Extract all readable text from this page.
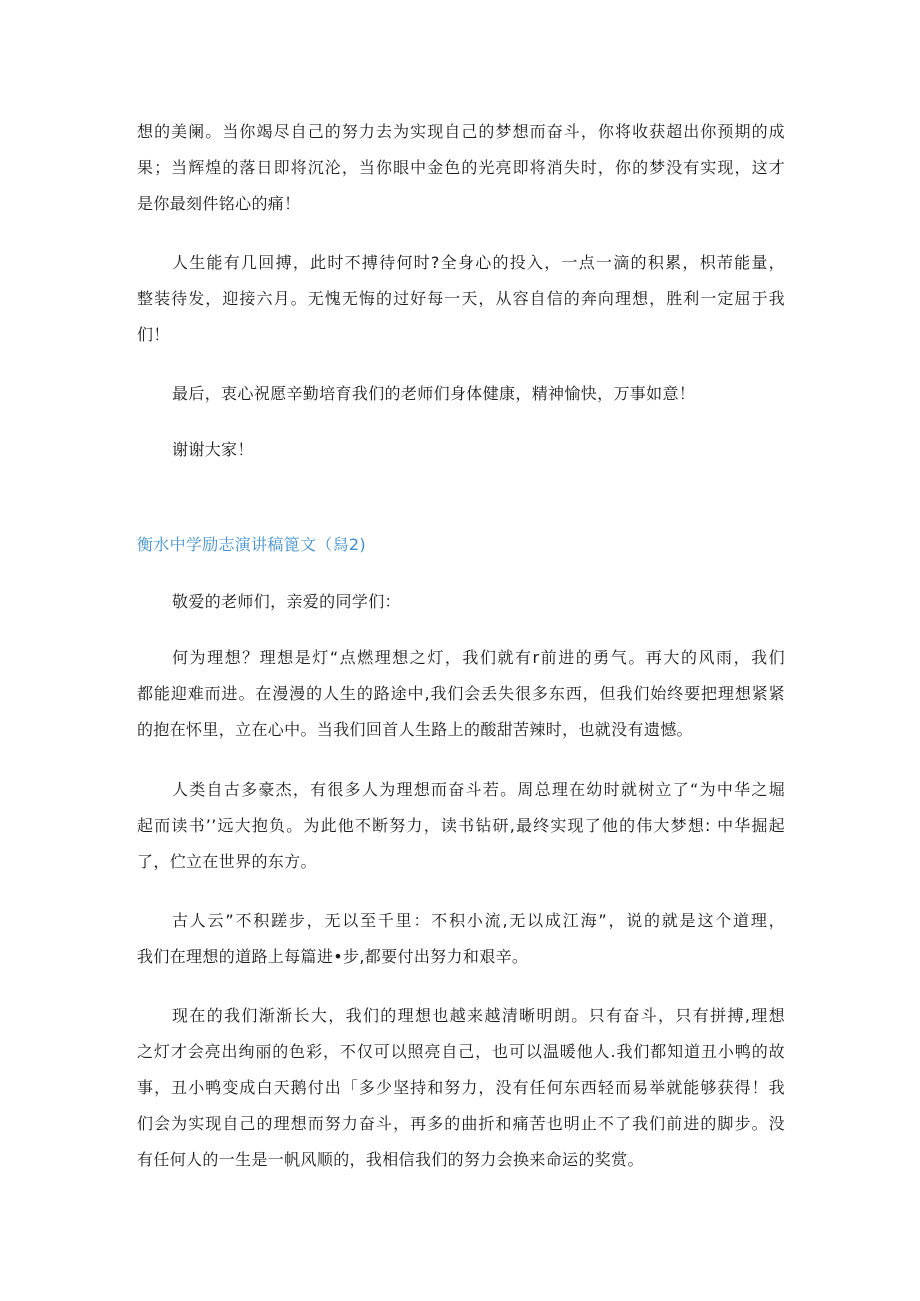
想的美阑。当你竭尽自己的努力去为实现自己的梦想而奋斗，你将收获超出你预期的成
果；当辉煌的落日即将沉沦，当你眼中金色的光亮即将消失时，你的梦没有实现，这才
是你最刻件铭心的痛！
人生能有几回搏，此时不搏待何时?全身心的投入，一点一滴的积累，枳芾能量，
整装待发，迎接六月。无愧无悔的过好每一天，从容自信的奔向理想，胜利一定屈于我
们！
最后，衷心祝愿辛勤培育我们的老师们身体健康，精神愉快，万事如意！
谢谢大家！
衡水中学励志演讲稿篦文（舄2)
敬爱的老师们，亲爱的同学们：
何为理想？理想是灯“点燃理想之灯，我们就有r前进的勇气。再大的风雨，我们
都能迎难而进。在漫漫的人生的路途中,我们会丢失很多东西，但我们始终要把理想紧紧
的抱在怀里，立在心中。当我们回首人生路上的酸甜苦辣时，也就没有遗憾。
人类自古多豪杰，有很多人为理想而奋斗若。周总理在幼时就树立了“为中华之堀
起而读书’’远大抱负。为此他不断努力，读书钻研,最终实现了他的伟大梦想: 中华掘起
了，伫立在世界的东方。
古人云”不积蹉步，无以至千里：不积小流,无以成江海”，说的就是这个道理，
我们在理想的道路上每篇进•步,都要付出努力和艰辛。
现在的我们渐渐长大，我们的理想也越来越清晰明朗。只有奋斗，只有拼搏,理想
之灯才会亮出绚丽的色彩，不仅可以照亮自己，也可以温暖他人.我们都知道丑小鸭的故
事，丑小鸭变成白天鹅付出「多少坚持和努力，没有任何东西轻而易举就能够获得！我
们会为实现自己的理想而努力奋斗，再多的曲折和痛苦也明止不了我们前进的脚步。没
有任何人的一生是一帆风顺的，我相信我们的努力会换来命运的奖赏。
